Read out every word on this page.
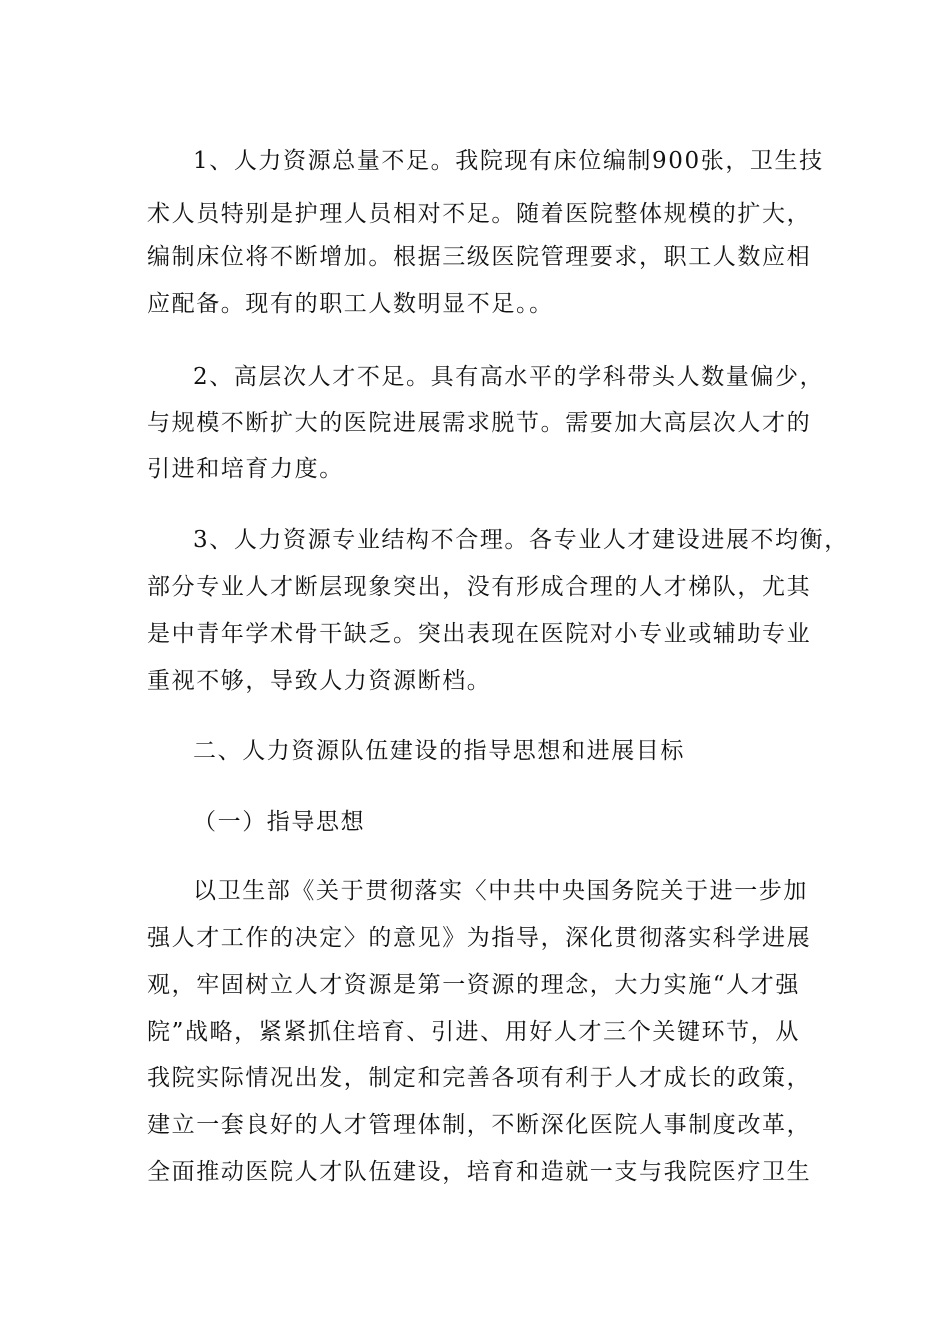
1、人力资源总量不足。我院现有床位编制900张，卫生技

术人员特别是护理人员相对不足。随着医院整体规模的扩大，

编制床位将不断增加。根据三级医院管理要求，职工人数应相

应配备。现有的职工人数明显不足。。

2、高层次人才不足。具有高水平的学科带头人数量偏少，

与规模不断扩大的医院进展需求脱节。需要加大高层次人才的

引进和培育力度。

3、人力资源专业结构不合理。各专业人才建设进展不均衡，

部分专业人才断层现象突出，没有形成合理的人才梯队，尤其

是中青年学术骨干缺乏。突出表现在医院对小专业或辅助专业

重视不够，导致人力资源断档。

二、人力资源队伍建设的指导思想和进展目标

（一）指导思想

以卫生部《关于贯彻落实〈中共中央国务院关于进一步加

强人才工作的决定〉的意见》为指导，深化贯彻落实科学进展

观，牢固树立人才资源是第一资源的理念，大力实施“人才强

院”战略，紧紧抓住培育、引进、用好人才三个关键环节，从

我院实际情况出发，制定和完善各项有利于人才成长的政策，

建立一套良好的人才管理体制，不断深化医院人事制度改革，

全面推动医院人才队伍建设，培育和造就一支与我院医疗卫生
